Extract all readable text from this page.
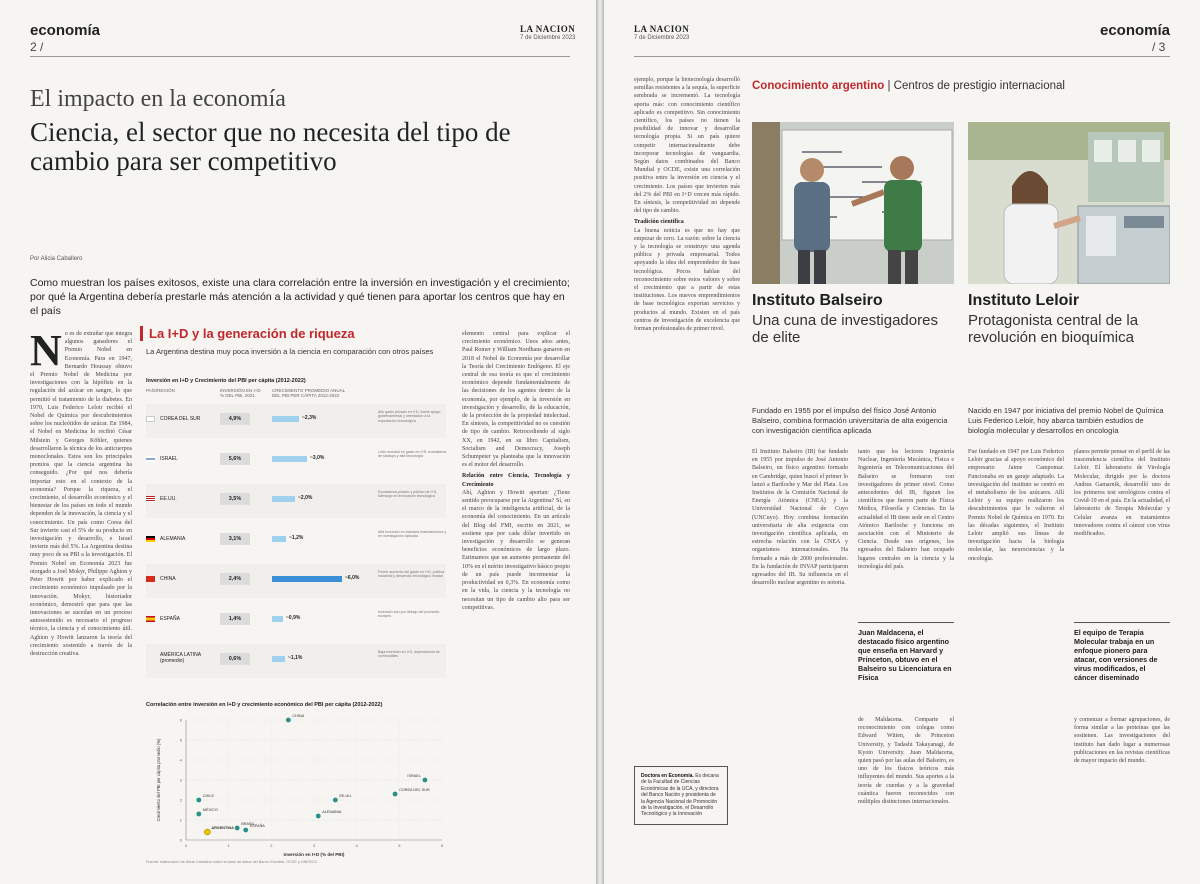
economía
2 /
LA NACION
7 de Diciembre 2023
El impacto en la economía
Ciencia, el sector que no necesita del tipo de cambio para ser competitivo
Por Alicia Caballero
Como muestran los países exitosos, existe una clara correlación entre la inversión en investigación y el crecimiento; por qué la Argentina debería prestarle más atención a la actividad y qué tienen para aportar los centros que hay en el país
N o es de extrañar que integra algunos ganadores el Premio Nobel en Economía. Para en 1947, Bernardo Houssay obtuvo el Premio Nobel de Medicina por investigaciones con la hipófisis en la regulación del azúcar en sangre, lo que permitió el tratamiento de la diabetes. En 1970, Luis Federico Leloir recibió el Nobel de Química por descubrimientos sobre los nucleótidos de azúcar. En 1984, el Nobel en Medicina lo recibió César Milstein y Georges Köhler, quienes desarrollaron la técnica de los anticuerpos monoclonales. Estos son los principales premios que la ciencia argentina ha conseguido. ¿Por qué nos debería importar esto en el contexto de la economía? Porque la riqueza, el crecimiento, el desarrollo económico y el bienestar de los países en todo el mundo dependen de la innovación, la ciencia y el conocimiento. Un país como Corea del Sur invierte casi el 5% de su producto en investigación y desarrollo, e Israel invierte más del 5%. La Argentina destina muy poco de su PBI a la investigación. El Premio Nobel en Economía 2023 fue otorgado a Joel Mokyr, Philippe Aghion y Peter Howitt por haber explicado el crecimiento económico impulsado por la innovación. Mokyr, historiador económico, demostró que para que las innovaciones se sucedan en un proceso autosostenido es necesario el progreso técnico, la ciencia y el conocimiento útil. Aghion y Howitt lanzaron la teoría del crecimiento sostenido a través de la destrucción creativa.
La I+D y la generación de riqueza
La Argentina destina muy poca inversión a la ciencia en comparación con otros países
Inversión en I+D y Crecimiento del PBI per cápita (2012-2022)
PAÍS/REGIÓN	INVERSIÓN EN I+D % DEL PBI, 2021
CRECIMIENTO PROMEDIO ANUAL DEL PBI PER CÁPITA 2012-2022
COREA DEL SUR	4,9%	~2,3%
Alto gasto privado en I+D, fuerte apoyo gubernamental y orientación a la exportación tecnológica
ISRAEL	5,6%	~3,0%
Líder mundial en gasto en I+D, ecosistema de startups y alta tecnología
EE.UU.	3,5%	~2,0%
Ecosistema privado y público de I+D, liderazgo en innovación tecnológica
ALEMANIA	3,1%	~1,2%
Alta inversión en industria manufacturera y en investigación aplicada
CHINA	2,4%	~6,0%
Fuerte aumento del gasto en I+D, política industrial y desarrollo tecnológico estatal
ESPAÑA	1,4%	~0,9%
Inversión aún por debajo del promedio europeo
AMÉRICA LATINA (promedio)	0,6%	~1,1%
Baja inversión en I+D, dependencia de commodities
Correlación entre inversión en I+D y crecimiento económico del PBI per cápita (2012-2022)
0
1
2
3
4
5
6
0	1	2	3	4	5	6
Inversión en I+D (% del PBI)
Crecimiento del PBI per cápita promedio (%)
CHINA
ISRAEL
COREA DEL SUR
EE.UU.
ALEMANIA
CHILE
MÉXICO
BRASIL
ESPAÑA
ARGENTINA
Fuente: elaboración de Alicia Caballero sobre la base de datos del Banco Mundial, OCDE y UNESCO
elemento central para explicar el crecimiento económico. Unos años antes, Paul Romer y William Nordhaus ganaron en 2018 el Nobel de Economía por desarrollar la Teoría del Crecimiento Endógeno. El eje central de esa teoría es que el crecimiento económico depende fundamentalmente de las decisiones de los agentes dentro de la economía, por ejemplo, de la inversión en investigación y desarrollo, de la educación, de la protección de la propiedad intelectual. En síntesis, la competitividad no es cuestión de tipo de cambio. Retrocediendo al siglo XX, en 1942, en su libro Capitalism, Socialism and Democracy, Joseph Schumpeter ya planteaba que la innovación es el motor del desarrollo.
Relación entre Ciencia, Tecnología y Crecimiento
Ahí, Aghion y Howitt aportan: ¿Tiene sentido preocuparse por la Argentina? Sí, en el marco de la inteligencia artificial, de la economía del conocimiento. En un artículo del Blog del FMI, escrito en 2021, se sostiene que por cada dólar invertido en investigación y desarrollo se generan beneficios económicos de largo plazo. Estimamos que un aumento permanente del 10% en el mérito investigativo básico propio de un país puede incrementar la productividad en 0,3%. En economía como en la vida, la ciencia y la tecnología no necesitan un tipo de cambio alto para ser competitivas.
LA NACION
7 de Diciembre 2023	economía
/ 3
ejemplo, porque la biotecnología desarrolló semillas resistentes a la sequía, la superficie sembrada se incrementó. La tecnología aporta más: con conocimiento científico aplicado es competitivo. Sin conocimiento científico, los países no tienen la posibilidad de innovar y desarrollar tecnología propia. Si un país quiere competir internacionalmente debe incorporar tecnologías de vanguardia. Según datos combinados del Banco Mundial y OCDE, existe una correlación positiva entre la inversión en ciencia y el crecimiento. Los países que invierten más del 2% del PBI en I+D crecen más rápido. En síntesis, la competitividad no depende del tipo de cambio.
Tradición científica
La buena noticia es que no hay que empezar de cero. La razón: sobre la ciencia y la tecnología se construye una agenda pública y privada empresarial. Todos apoyando la idea del emprendedor de base tecnológica. Pocos hablan del reconocimiento sobre estos valores y sobre el crecimiento que a partir de estas instituciones. Los nuevos emprendimientos de base tecnológica exportan servicios y productos al mundo. Existen en el país centros de investigación de excelencia que forman profesionales de primer nivel.
Conocimiento argentino | Centros de prestigio internacional
Instituto Balseiro
Una cuna de investigadores de elite
Instituto Leloir
Protagonista central de la revolución en bioquímica
Fundado en 1955 por el impulso del físico José Antonio Balseiro, combina formación universitaria de alta exigencia con investigación científica aplicada
Nacido en 1947 por iniciativa del premio Nobel de Química Luis Federico Leloir, hoy abarca también estudios de biología molecular y desarrollos en oncología
El Instituto Balseiro (IB) fue fundado en 1955 por impulso de José Antonio Balseiro, un físico argentino formado en Cambridge, quien buscó el primer lo lanzó a Bariloche y Mar del Plata. Los Institutos de la Comisión Nacional de Energía Atómica (CNEA) y la Universidad Nacional de Cuyo (UNCuyo). Hoy combina formación universitaria de alta exigencia con investigación científica aplicada, en estrecha relación con la CNEA y organismos internacionales. Ha formado a más de 2000 profesionales. En la fundación de INVAP participaron egresados del IB. Su influencia en el desarrollo nuclear argentino es notoria.
tanto que los lectores Ingeniería Nuclear, Ingeniería Mecánica, Física e Ingeniería en Telecomunicaciones del Balseiro se formaron con investigadores de primer nivel. Como antecedentes del IB, figuran los científicos que fueron parte de Física Médica, Filosofía y Ciencias. En la actualidad el IB tiene sede en el Centro Atómico Bariloche y funciona en asociación con el Ministerio de Ciencia. Desde sus orígenes, los egresados del Balseiro han ocupado lugares centrales en la ciencia y la tecnología del país.
Juan Maldacena, el destacado físico argentino que enseña en Harvard y Princeton, obtuvo en el Balseiro su Licenciatura en Física
de Maldacena. Comparte el reconocimiento con colegas como Edward Witten, de Princeton University, y Tadashi Takayanagi, de Kyoto University. Juan Maldacena, quien pasó por las aulas del Balseiro, es uno de los físicos teóricos más influyentes del mundo. Sus aportes a la teoría de cuerdas y a la gravedad cuántica fueron reconocidos con múltiples distinciones internacionales.
Fue fundado en 1947 por Luis Federico Leloir gracias al apoyo económico del empresario Jaime Campomar. Funcionaba en un garaje adaptado. La investigación del instituto se centró en el metabolismo de los azúcares. Allí Leloir y su equipo realizaron los descubrimientos que le valieron el Premio Nobel de Química en 1970. En las décadas siguientes, el Instituto Leloir amplió sus líneas de investigación hacia la biología molecular, las neurociencias y la oncología.
planos permite pensar en el perfil de las trascendencia científica del Instituto Leloir. El laboratorio de Virología Molecular, dirigido por la doctora Andrea Gamarnik, desarrolló uno de los primeros test serológicos contra el Covid-19 en el país. En la actualidad, el laboratorio de Terapia Molecular y Celular avanza en tratamientos innovadores contra el cáncer con virus modificados.
El equipo de Terapia Molecular trabaja en un enfoque pionero para atacar, con versiones de virus modificados, el cáncer diseminado
y comenzar a formar agrupaciones, de forma similar a las proteínas que las sostienen. Las investigaciones del instituto han dado lugar a numerosas publicaciones en las revistas científicas de mayor impacto del mundo.
Doctora en Economía. Es decana de la Facultad de Ciencias Económicas de la UCA, y directora del Banco Nación y presidenta de la Agencia Nacional de Promoción de la Investigación, el Desarrollo Tecnológico y la Innovación
